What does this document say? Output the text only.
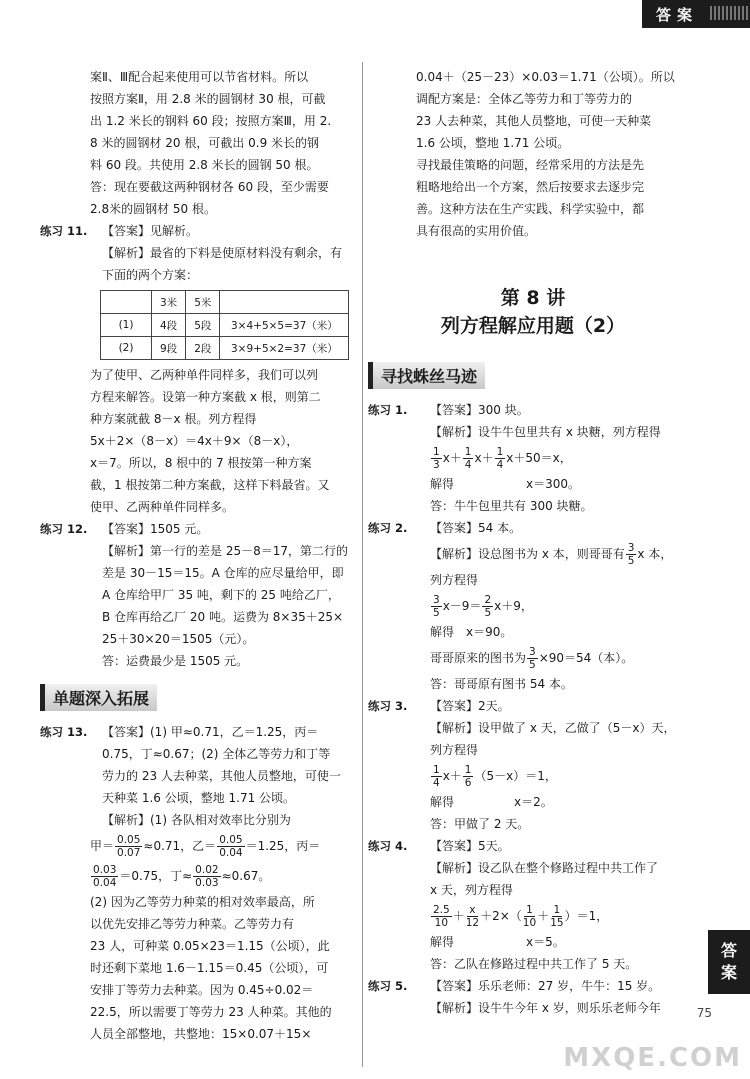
答案

案Ⅱ、Ⅲ配合起来使用可以节省材料。所以

按照方案Ⅱ，用 2.8 米的圆钢材 30 根，可截

出 1.2 米长的钢料 60 段；按照方案Ⅲ，用 2.

8 米的圆钢材 20 根，可截出 0.9 米长的钢

料 60 段。共使用 2.8 米长的圆钢 50 根。

答：现在要截这两种钢材各 60 段，至少需要

2.8米的圆钢材 50 根。

练习 11.	【答案】见解析。

【解析】最省的下料是使原材料没有剩余，有

下面的两个方案：

	3米	5米	
(1)	4段	5段	3×4+5×5=37（米）
(2)	9段	2段	3×9+5×2=37（米）

为了使甲、乙两种单件同样多，我们可以列

方程来解答。设第一种方案截 x 根，则第二

种方案就截 8－x 根。列方程得

5x＋2×（8－x）＝4x＋9×（8－x），

x＝7。所以，8 根中的 7 根按第一种方案

截，1 根按第二种方案截，这样下料最省。又

使甲、乙两种单件同样多。

练习 12.	【答案】1505 元。

【解析】第一行的差是 25－8＝17，第二行的

差是 30－15＝15。A 仓库的应尽量给甲，即

A 仓库给甲厂 35 吨，剩下的 25 吨给乙厂，

B 仓库再给乙厂 20 吨。运费为 8×35＋25×

25＋30×20＝1505（元）。

答：运费最少是 1505 元。

单题深入拓展
练习 13.	【答案】(1) 甲≈0.71，乙＝1.25，丙＝

0.75，丁≈0.67；(2) 全体乙等劳力和丁等

劳力的 23 人去种菜，其他人员整地，可使一

天种菜 1.6 公顷，整地 1.71 公顷。

【解析】(1) 各队相对效率比分别为

甲＝ $\frac{0.05}{0.07} \approx 0.71$，乙＝ $\frac{0.05}{0.04} =1.25$，丙＝
$\frac{0.03}{0.04} =0.75$，丁≈ $\frac{0.02}{0.03} \approx 0.67$。

(2) 因为乙等劳力种菜的相对效率最高，所

以优先安排乙等劳力种菜。乙等劳力有

23 人，可种菜 0.05×23＝1.15（公顷），此

时还剩下菜地 1.6－1.15＝0.45（公顷），可

安排丁等劳力去种菜。因为 0.45÷0.02＝

22.5，所以需要丁等劳力 23 人种菜。其他的

人员全部整地，共整地：15×0.07＋15×

0.04＋（25－23）×0.03＝1.71（公顷）。所以

调配方案是：全体乙等劳力和丁等劳力的

23 人去种菜，其他人员整地，可使一天种菜

1.6 公顷，整地 1.71 公顷。

寻找最佳策略的问题，经常采用的方法是先

粗略地给出一个方案，然后按要求去逐步完

善。这种方法在生产实践、科学实验中，都

具有很高的实用价值。

第 8 讲
列方程解应用题（2）
寻找蛛丝马迹
练习 1.	【答案】300 块。

【解析】设牛牛包里共有 x 块糖，列方程得

$\frac{1}{3} x+ \frac{1}{4} x+ \frac{1}{4} x+50=x$，

解得　　　　　　x＝300。

答：牛牛包里共有 300 块糖。

练习 2.	【答案】54 本。

【解析】设总图书为 x 本，则哥哥有 $\frac{3}{5}$ x 本，

列方程得

$\frac{3}{5} x-9= \frac{2}{5} x+9$，

解得　x＝90。

哥哥原来的图书为 $\frac{3}{5} \times 90=54$（本）。

答：哥哥原有图书 54 本。

练习 3.	【答案】2天。

【解析】设甲做了 x 天，乙做了（5－x）天，

列方程得

$\frac{1}{4} x+ \frac{1}{6} (5-x)=1$，

解得　　　　　x＝2。

答：甲做了 2 天。

练习 4.	【答案】5天。

【解析】设乙队在整个修路过程中共工作了

x 天，列方程得

$\frac{2.5}{10} + \frac{x}{12} +2\times( \frac{1}{10} + \frac{1}{15} )=1$，

解得　　　　　　x＝5。

答：乙队在修路过程中共工作了 5 天。

练习 5.	【答案】乐乐老师：27 岁，牛牛：15 岁。

【解析】设牛牛今年 x 岁，则乐乐老师今年

答
案
75
MXQE.COM
